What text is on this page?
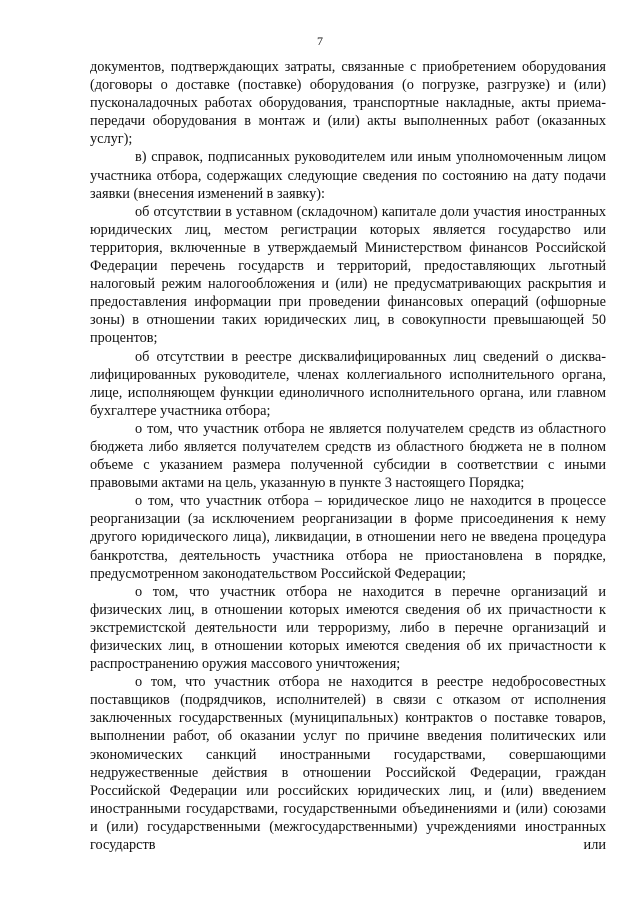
7

документов, подтверждающих затраты, связанные с приобретением оборудования (договоры о доставке (поставке) оборудования (о погрузке, разгрузке) и (или) пусконаладочных работах оборудования, транспортные накладные, акты приема-передачи оборудования в монтаж и (или) акты выполненных работ (оказанных услуг);

в) справок, подписанных руководителем или иным уполномоченным лицом участника отбора, содержащих следующие сведения по состоянию на дату подачи заявки (внесения изменений в заявку):

об отсутствии в уставном (складочном) капитале доли участия иностранных юридических лиц, местом регистрации которых является государство или территория, включенные в утверждаемый Министерством финансов Российской Федерации перечень государств и территорий, предоставляющих льготный налоговый режим налогообложения и (или) не предусматривающих раскрытия и предоставления информации при проведении финансовых операций (офшорные зоны) в отношении таких юридических лиц, в совокупности превышающей 50 процентов;

об отсутствии в реестре дисквалифицированных лиц сведений о дисква-лифицированных руководителе, членах коллегиального исполнительного органа, лице, исполняющем функции единоличного исполнительного органа, или главном бухгалтере участника отбора;

о том, что участник отбора не является получателем средств из областного бюджета либо является получателем средств из областного бюджета не в полном объеме с указанием размера полученной субсидии в соответствии с иными правовыми актами на цель, указанную в пункте 3 настоящего Порядка;

о том, что участник отбора – юридическое лицо не находится в процессе реорганизации (за исключением реорганизации в форме присоединения к нему другого юридического лица), ликвидации, в отношении него не введена процедура банкротства, деятельность участника отбора не приостановлена в порядке, предусмотренном законодательством Российской Федерации;

о том, что участник отбора не находится в перечне организаций и физических лиц, в отношении которых имеются сведения об их причастности к экстремистской деятельности или терроризму, либо в перечне организаций и физических лиц, в отношении которых имеются сведения об их причастности к распространению оружия массового уничтожения;

о том, что участник отбора не находится в реестре недобросовестных поставщиков (подрядчиков, исполнителей) в связи с отказом от исполнения заключенных государственных (муниципальных) контрактов о поставке товаров, выполнении работ, об оказании услуг по причине введения политических или экономических санкций иностранными государствами, совершающими недружественные действия в отношении Российской Федерации, граждан Российской Федерации или российских юридических лиц, и (или) введением иностранными государствами, государственными объединениями и (или) союзами и (или) государственными (межгосударственными) учреждениями иностранных государств или
